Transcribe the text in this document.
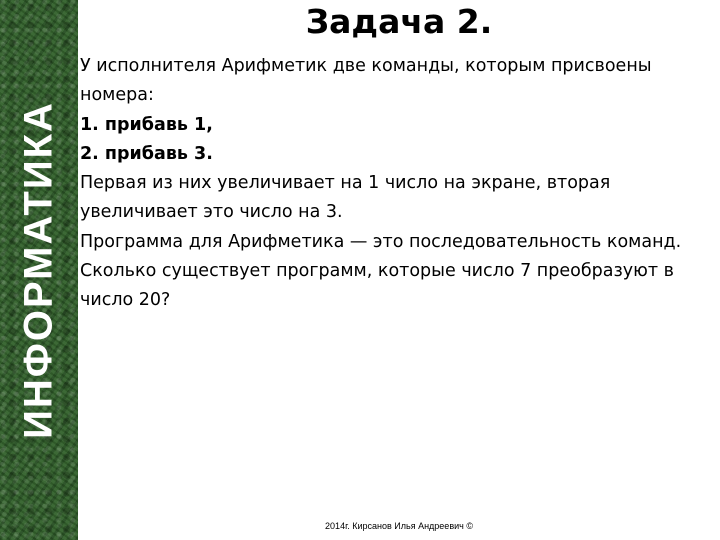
ИНФОРМАТИКА
Задача 2.

У исполнителя Арифметик две команды, которым присвоены номера:

1. прибавь 1,

2. прибавь 3.

Первая из них увеличивает на 1 число на экране, вторая увеличивает это число на 3.

Программа для Арифметика — это последовательность команд.

Сколько существует программ, которые число 7 преобразуют в число 20?

2014г. Кирсанов Илья Андреевич ©
